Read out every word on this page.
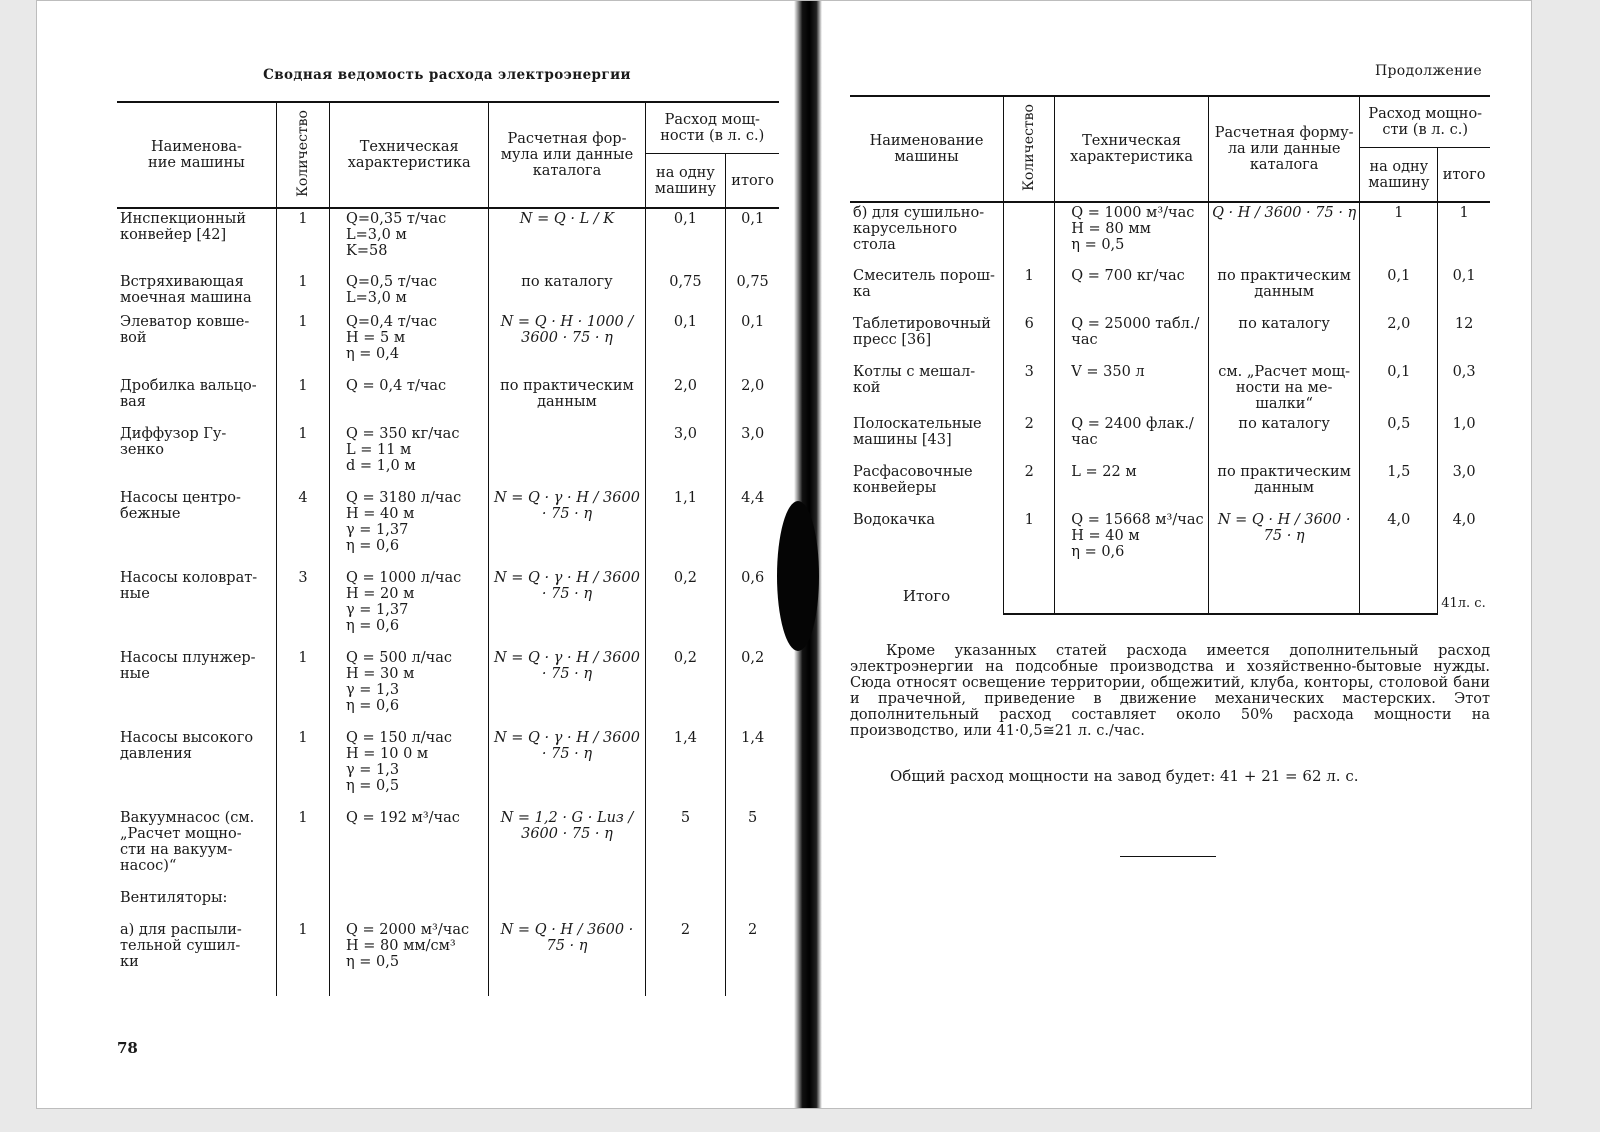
Сводная ведомость расхода электроэнергии
Наименова-
ние машины	Количество	Техническая
характеристика	Расчетная фор-
мула или данные
каталога	Расход мощ-
ности (в л. с.)	
				на одну
машину	итого
Инспекционный
конвейер [42]	1	Q=0,35 т/час
L=3,0 м
K=58	N = Q · L / K	0,1	0,1
Встряхивающая
моечная машина	1	Q=0,5 т/час
L=3,0 м	по каталогу	0,75	0,75
Элеватор ковше-
вой	1	Q=0,4 т/час
H = 5 м
η = 0,4	N = Q · H · 1000 / 3600 · 75 · η	0,1	0,1
Дробилка вальцо-
вая	1	Q = 0,4 т/час	по практическим
данным	2,0	2,0
Диффузор Гу-
зенко	1	Q = 350 кг/час
L = 11 м
d = 1,0 м		3,0	3,0
Насосы центро-
бежные	4	Q = 3180 л/час
H = 40 м
γ = 1,37
η = 0,6	N = Q · γ · H / 3600 · 75 · η	1,1	4,4
Насосы коловрат-
ные	3	Q = 1000 л/час
H = 20 м
γ = 1,37
η = 0,6	N = Q · γ · H / 3600 · 75 · η	0,2	0,6
Насосы плунжер-
ные	1	Q = 500 л/час
H = 30 м
γ = 1,3
η = 0,6	N = Q · γ · H / 3600 · 75 · η	0,2	0,2
Насосы высокого
давления	1	Q = 150 л/час
H = 10 0 м
γ = 1,3
η = 0,5	N = Q · γ · H / 3600 · 75 · η	1,4	1,4
Вакуумнасос (см.
„Расчет мощно-
сти на вакуум-
насос)“	1	Q = 192 м³/час	N = 1,2 · G · Lиз / 3600 · 75 · η	5	5
Вентиляторы:					
а) для распыли-
тельной сушил-
ки	1	Q = 2000 м³/час
H = 80 мм/см³
η = 0,5	N = Q · H / 3600 · 75 · η	2	2
78
Продолжение
Наименование
машины	Количество	Техническая
характеристика	Расчетная форму-
ла или данные
каталога	Расход мощно-
сти (в л. с.)	
				на одну
машину	итого
б) для сушильно-
карусельного
стола		Q = 1000 м³/час
H = 80 мм
η = 0,5	Q · H / 3600 · 75 · η	1	1
Смеситель порош-
ка	1	Q = 700 кг/час	по практическим
данным	0,1	0,1
Таблетировочный
пресс [36]	6	Q = 25000 табл./час	по каталогу	2,0	12
Котлы с мешал-
кой	3	V = 350 л	см. „Расчет мощ-
ности на ме-
шалки“	0,1	0,3
Полоскательные
машины [43]	2	Q = 2400 флак./час	по каталогу	0,5	1,0
Расфасовочные
конвейеры	2	L = 22 м	по практическим
данным	1,5	3,0
Водокачка	1	Q = 15668 м³/час
H = 40 м
η = 0,6	N = Q · H / 3600 · 75 · η	4,0	4,0
Итого					41л. с.
Кроме указанных статей расхода имеется дополнительный расход электроэнергии на подсобные производства и хозяйственно-бытовые нужды. Сюда относят освещение территории, общежитий, клуба, конторы, столовой бани и прачечной, приведение в движение механических мастерских. Этот дополнительный расход составляет около 50% расхода мощности на производство, или 41·0,5≅21 л. с./час.
Общий расход мощности на завод будет: 41 + 21 = 62 л. с.
